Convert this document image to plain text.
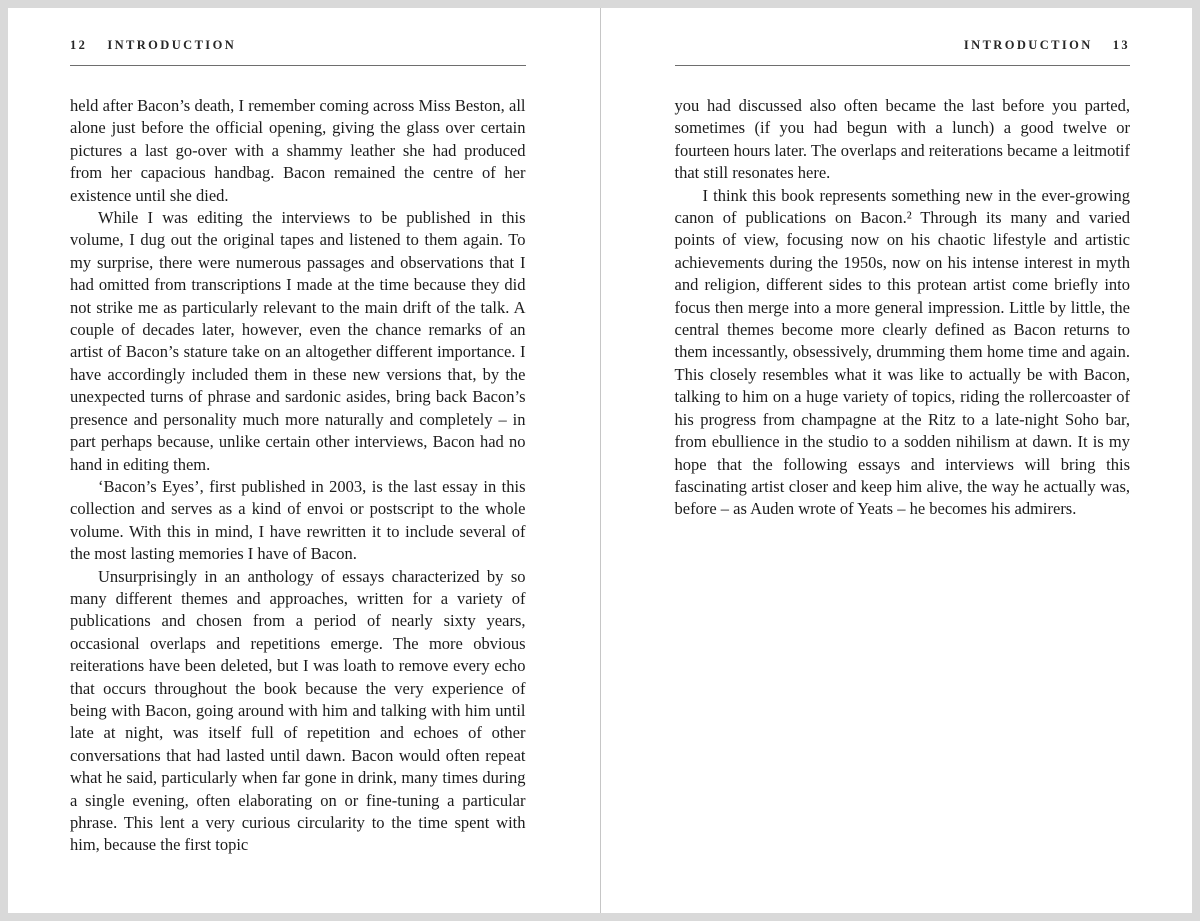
12 INTRODUCTION

held after Bacon’s death, I remember coming across Miss Beston, all alone just before the official opening, giving the glass over certain pictures a last go-over with a shammy leather she had produced from her capacious handbag. Bacon remained the centre of her existence until she died.

While I was editing the interviews to be published in this volume, I dug out the original tapes and listened to them again. To my surprise, there were numerous passages and observations that I had omitted from transcriptions I made at the time because they did not strike me as particularly relevant to the main drift of the talk. A couple of decades later, however, even the chance remarks of an artist of Bacon’s stature take on an altogether different importance. I have accordingly included them in these new versions that, by the unexpected turns of phrase and sardonic asides, bring back Bacon’s presence and personality much more naturally and completely – in part perhaps because, unlike certain other interviews, Bacon had no hand in editing them.

‘Bacon’s Eyes’, first published in 2003, is the last essay in this collection and serves as a kind of envoi or postscript to the whole volume. With this in mind, I have rewritten it to include several of the most lasting memories I have of Bacon.

Unsurprisingly in an anthology of essays characterized by so many different themes and approaches, written for a variety of publications and chosen from a period of nearly sixty years, occasional overlaps and repetitions emerge. The more obvious reiterations have been deleted, but I was loath to remove every echo that occurs throughout the book because the very experience of being with Bacon, going around with him and talking with him until late at night, was itself full of repetition and echoes of other conversations that had lasted until dawn. Bacon would often repeat what he said, particularly when far gone in drink, many times during a single evening, often elaborating on or fine-tuning a particular phrase. This lent a very curious circularity to the time spent with him, because the first topic

INTRODUCTION 13

you had discussed also often became the last before you parted, sometimes (if you had begun with a lunch) a good twelve or fourteen hours later. The overlaps and reiterations became a leitmotif that still resonates here.

I think this book represents something new in the ever-growing canon of publications on Bacon.² Through its many and varied points of view, focusing now on his chaotic lifestyle and artistic achievements during the 1950s, now on his intense interest in myth and religion, different sides to this protean artist come briefly into focus then merge into a more general impression. Little by little, the central themes become more clearly defined as Bacon returns to them incessantly, obsessively, drumming them home time and again. This closely resembles what it was like to actually be with Bacon, talking to him on a huge variety of topics, riding the rollercoaster of his progress from champagne at the Ritz to a late-night Soho bar, from ebullience in the studio to a sodden nihilism at dawn. It is my hope that the following essays and interviews will bring this fascinating artist closer and keep him alive, the way he actually was, before – as Auden wrote of Yeats – he becomes his admirers.
